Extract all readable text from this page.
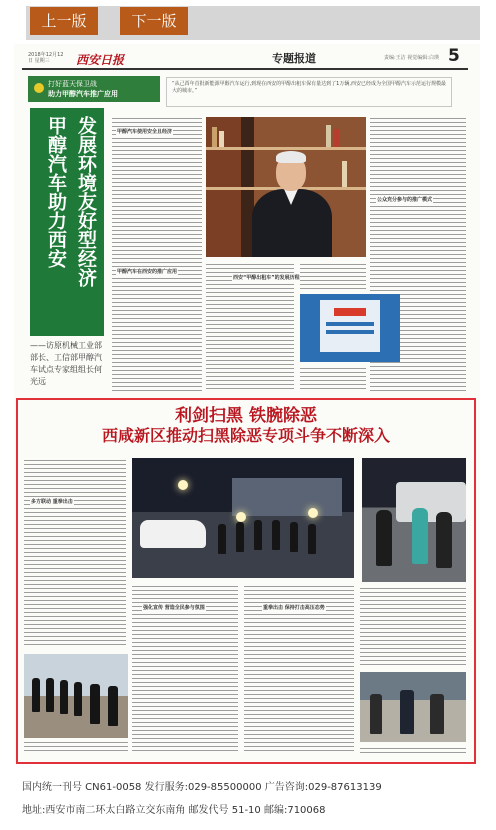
上一版	下一版
2018年12月12日 星期三	西安日报	专题报道	责编:王洁 视觉编辑:白瑛 5
打好蓝天保卫战
助力甲醇汽车推广应用
“从己酉年首批新能源甲醇汽车运行,到现在西安的甲醇出租车保有量达到了1万辆,西安已经成为全国甲醇汽车示范运行规模最大的城市。”
发展环境友好型经济
甲醇汽车助力西安
——访原机械工业部部长、工信部甲醇汽车试点专家组组长何光远
甲醇汽车使用安全且经济
甲醇汽车在西安的推广应用
公众充分参与的推广模式
西安“甲醇出租车”的发展历程
利剑扫黑 铁腕除恶
西咸新区推动扫黑除恶专项斗争不断深入
多方联动 重拳出击
强化宣传 营造全民参与氛围	重拳出击 保持打击高压态势
国内统一刊号 CN61-0058 发行服务:029-85500000 广告咨询:029-87613139
地址:西安市南二环太白路立交东南角 邮发代号 51-10 邮编:710068
